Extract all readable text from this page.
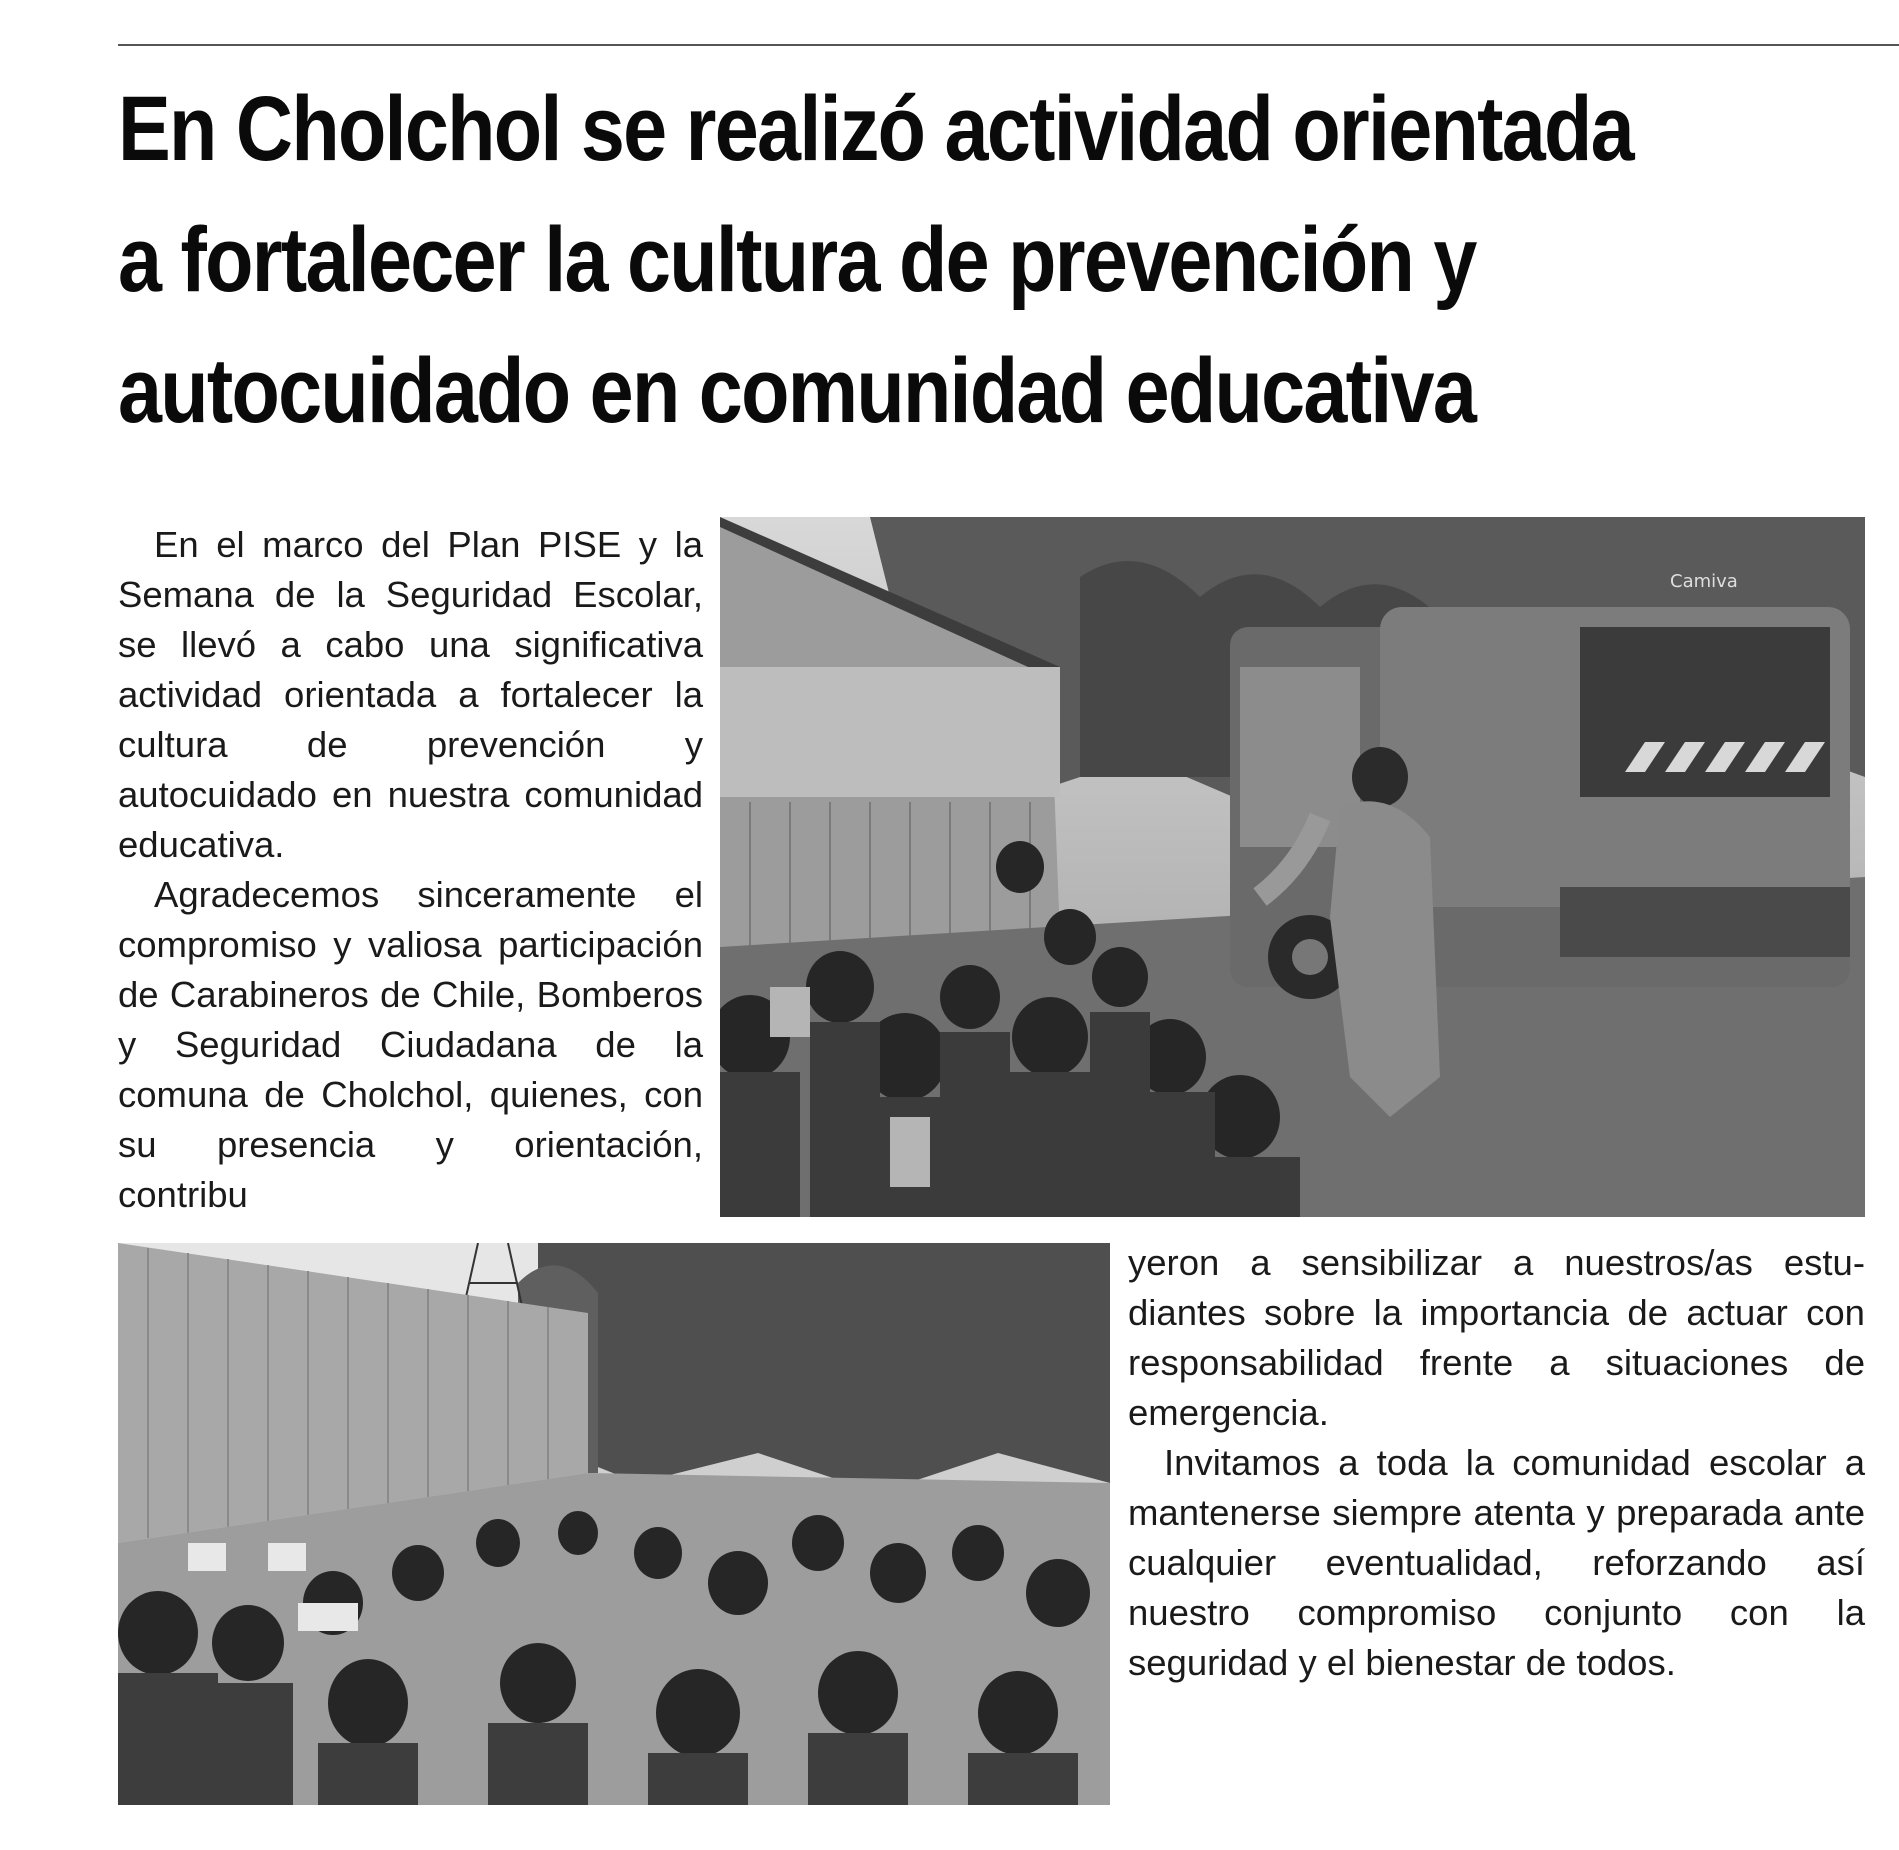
En Cholchol se realizó actividad orientada
a fortalecer la cultura de prevención y
autocuidado en comunidad educativa

En el marco del Plan PISE y la Semana de la Seguridad Escolar, se llevó a cabo una significativa actividad orientada a fortalecer la cultura de prevención y autocuidado en nuestra comunidad educativa.

Agradecemos sinceramente el compromiso y valiosa participación de Carabineros de Chile, Bomberos y Seguridad Ciudadana de la comuna de Cholchol, quienes, con su presencia y orientación, contribu

Camiva

yeron a sensibilizar a nuestros/as estudiantes sobre la importancia de actuar con responsabilidad frente a situaciones de emergencia.

Invitamos a toda la comunidad escolar a mantenerse siempre atenta y preparada ante cualquier eventualidad, reforzando así nuestro compromiso conjunto con la seguridad y el bienestar de todos.
